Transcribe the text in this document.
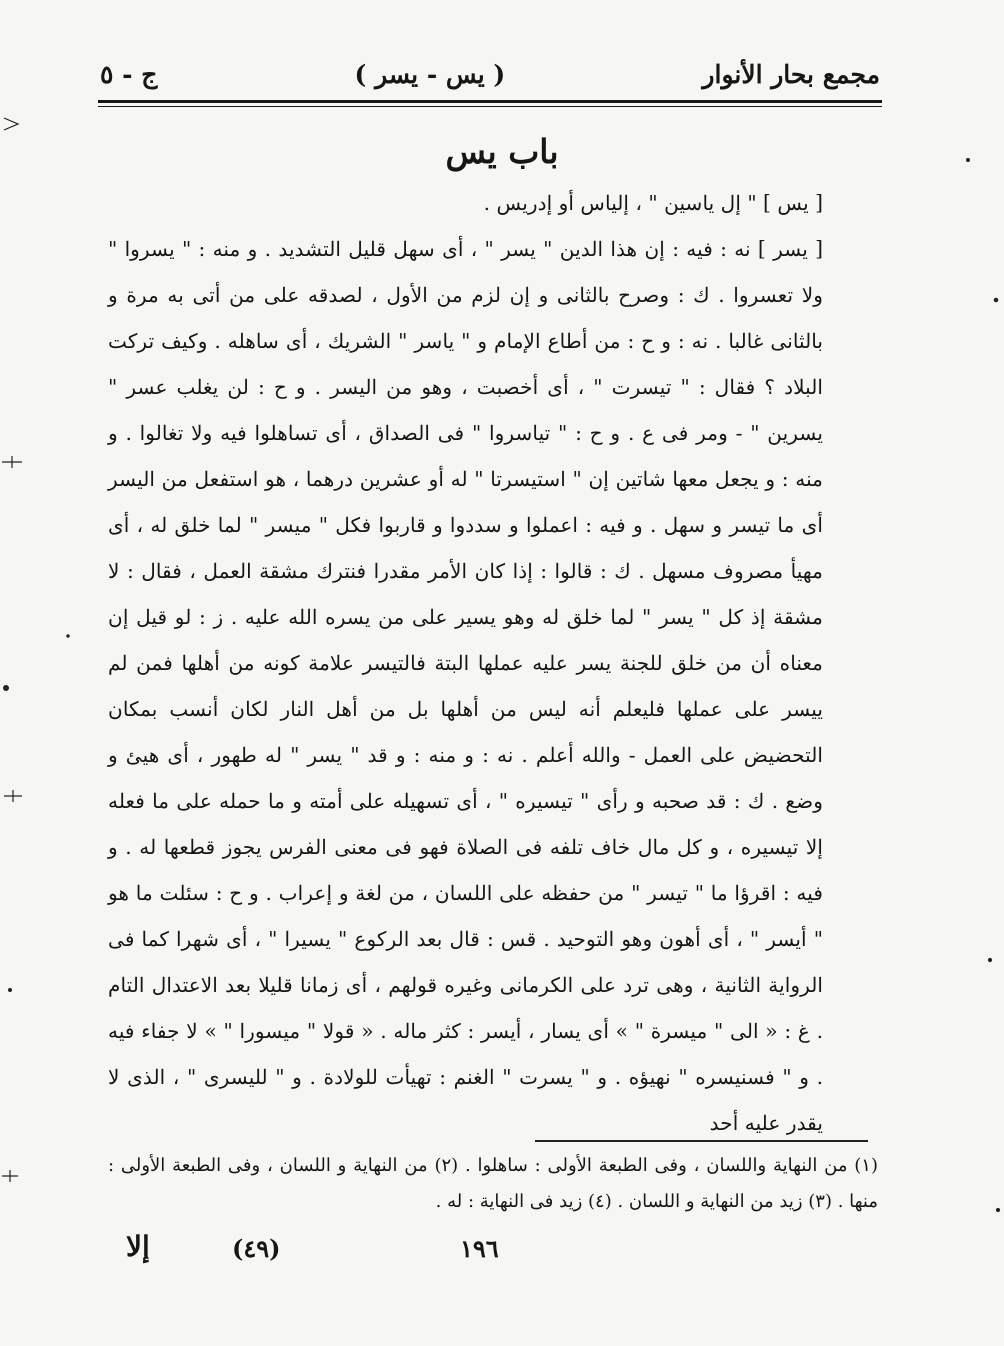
مجمع بحار الأنوار
( يس - يسر )
ج - ٥
باب يس

[ يس ] " إل ياسين " ، إلياس أو إدريس .

[ يسر ] نه : فيه : إن هذا الدين " يسر " ، أى سهل قليل التشديد . و منه : " يسروا " ولا تعسروا . ك : وصرح بالثانى و إن لزم من الأول ، لصدقه على من أتى به مرة و بالثانى غالبا . نه : و ح : من أطاع الإمام و " ياسر " الشريك ، أى ساهله . وكيف تركت البلاد ؟ فقال : " تيسرت " ، أى أخصبت ، وهو من اليسر . و ح : لن يغلب عسر " يسرين " - ومر فى ع . و ح : " تياسروا " فى الصداق ، أى تساهلوا فيه ولا تغالوا . و منه : و يجعل معها شاتين إن " استيسرتا " له أو عشرين درهما ، هو استفعل من اليسر أى ما تيسر و سهل . و فيه : اعملوا و سددوا و قاربوا فكل " ميسر " لما خلق له ، أى مهيأ مصروف مسهل . ك : قالوا : إذا كان الأمر مقدرا فنترك مشقة العمل ، فقال : لا مشقة إذ كل " يسر " لما خلق له وهو يسير على من يسره الله عليه . ز : لو قيل إن معناه أن من خلق للجنة يسر عليه عملها البتة فالتيسر علامة كونه من أهلها فمن لم ييسر على عملها فليعلم أنه ليس من أهلها بل من أهل النار لكان أنسب بمكان التحضيض على العمل - والله أعلم . نه : و منه : و قد " يسر " له طهور ، أى هيئ و وضع . ك : قد صحبه و رأى " تيسيره " ، أى تسهيله على أمته و ما حمله على ما فعله إلا تيسيره ، و كل مال خاف تلفه فى الصلاة فهو فى معنى الفرس يجوز قطعها له . و فيه : اقرؤا ما " تيسر " من حفظه على اللسان ، من لغة و إعراب . و ح : سئلت ما هو " أيسر " ، أى أهون وهو التوحيد . قس : قال بعد الركوع " يسيرا " ، أى شهرا كما فى الرواية الثانية ، وهى ترد على الكرمانى وغيره قولهم ، أى زمانا قليلا بعد الاعتدال التام . غ : « الى " ميسرة " » أى يسار ، أيسر : كثر ماله . « قولا " ميسورا " » لا جفاء فيه . و " فسنيسره " نهيؤه . و " يسرت " الغنم : تهيأت للولادة . و " لليسرى " ، الذى لا يقدر عليه أحد

(١) من النهاية واللسان ، وفى الطبعة الأولى : ساهلوا . (٢) من النهاية و اللسان ، وفى الطبعة الأولى : منها . (٣) زيد من النهاية و اللسان . (٤) زيد فى النهاية : له .

١٩٦
(٤٩)
إلا
